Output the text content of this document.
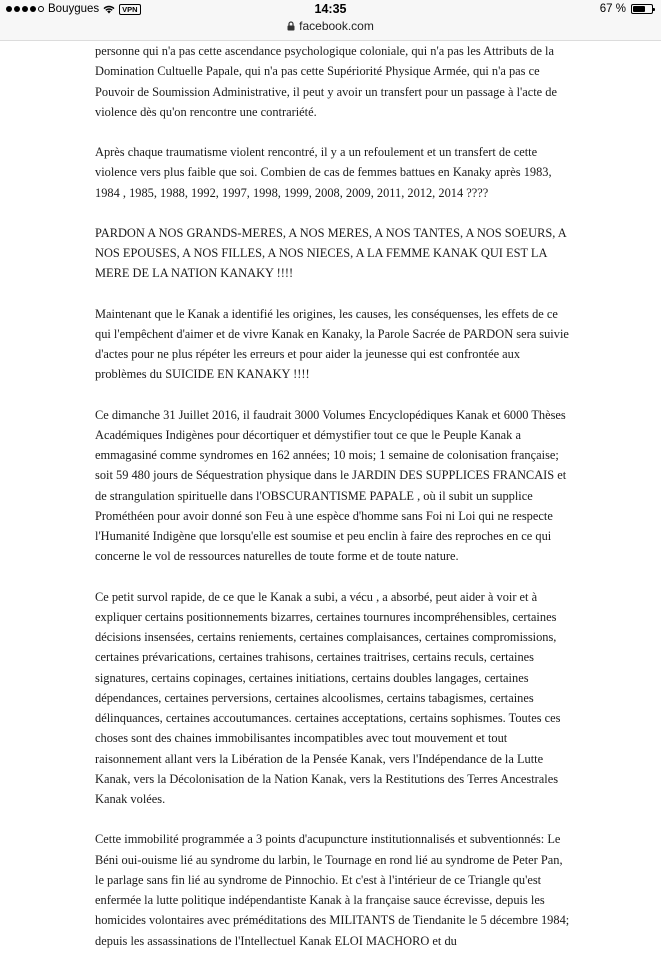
Bouygues	VPN	14:35	67 %
facebook.com

personne qui n'a pas cette ascendance psychologique coloniale, qui n'a pas les Attributs de la Domination Cultuelle Papale, qui n'a pas cette Supériorité Physique Armée, qui n'a pas ce Pouvoir de Soumission Administrative, il peut y avoir un transfert pour un passage à l'acte de violence dès qu'on rencontre une contrariété.

Après chaque traumatisme violent rencontré, il y a un refoulement et un transfert de cette violence vers plus faible que soi. Combien de cas de femmes battues en Kanaky après 1983, 1984 , 1985, 1988, 1992, 1997, 1998, 1999, 2008, 2009, 2011, 2012, 2014 ????

PARDON A NOS GRANDS-MERES, A NOS MERES, A NOS TANTES, A NOS SOEURS, A NOS EPOUSES, A NOS FILLES, A NOS NIECES, A LA FEMME KANAK QUI EST LA MERE DE LA NATION KANAKY !!!!

Maintenant que le Kanak a identifié les origines, les causes, les conséquenses, les effets de ce qui l'empêchent d'aimer et de vivre Kanak en Kanaky, la Parole Sacrée de PARDON sera suivie d'actes pour ne plus répéter les erreurs et pour aider la jeunesse qui est confrontée aux problèmes du SUICIDE EN KANAKY !!!!

Ce dimanche 31 Juillet 2016, il faudrait 3000 Volumes Encyclopédiques Kanak et 6000 Thèses Académiques Indigènes pour décortiquer et démystifier tout ce que le Peuple Kanak a emmagasiné comme syndromes en 162 années; 10 mois; 1 semaine de colonisation française; soit 59 480 jours de Séquestration physique dans le JARDIN DES SUPPLICES FRANCAIS et de strangulation spirituelle dans l'OBSCURANTISME PAPALE , où il subit un supplice Prométhéen pour avoir donné son Feu à une espèce d'homme sans Foi ni Loi qui ne respecte l'Humanité Indigène que lorsqu'elle est soumise et peu enclin à faire des reproches en ce qui concerne le vol de ressources naturelles de toute forme et de toute nature.

Ce petit survol rapide, de ce que le Kanak a subi, a vécu , a absorbé, peut aider à voir et à expliquer certains positionnements bizarres, certaines tournures incompréhensibles, certaines décisions insensées, certains reniements, certaines complaisances, certaines compromissions, certaines prévarications, certaines trahisons, certaines traitrises, certains reculs, certaines signatures, certains copinages, certaines initiations, certains doubles langages, certaines dépendances, certaines perversions, certaines alcoolismes, certains tabagismes, certaines délinquances, certaines accoutumances. certaines acceptations, certains sophismes. Toutes ces choses sont des chaines immobilisantes incompatibles avec tout mouvement et tout raisonnement allant vers la Libération de la Pensée Kanak, vers l'Indépendance de la Lutte Kanak, vers la Décolonisation de la Nation Kanak, vers la Restitutions des Terres Ancestrales Kanak volées.

Cette immobilité programmée a 3 points d'acupuncture institutionnalisés et subventionnés: Le Béni oui-ouisme lié au syndrome du larbin, le Tournage en rond lié au syndrome de Peter Pan, le parlage sans fin lié au syndrome de Pinnochio. Et c'est à l'intérieur de ce Triangle qu'est enfermée la lutte politique indépendantiste Kanak à la française sauce écrevisse, depuis les homicides volontaires avec préméditations des MILITANTS de Tiendanite le 5 décembre 1984; depuis les assassinations de l'Intellectuel Kanak ELOI MACHORO et du
